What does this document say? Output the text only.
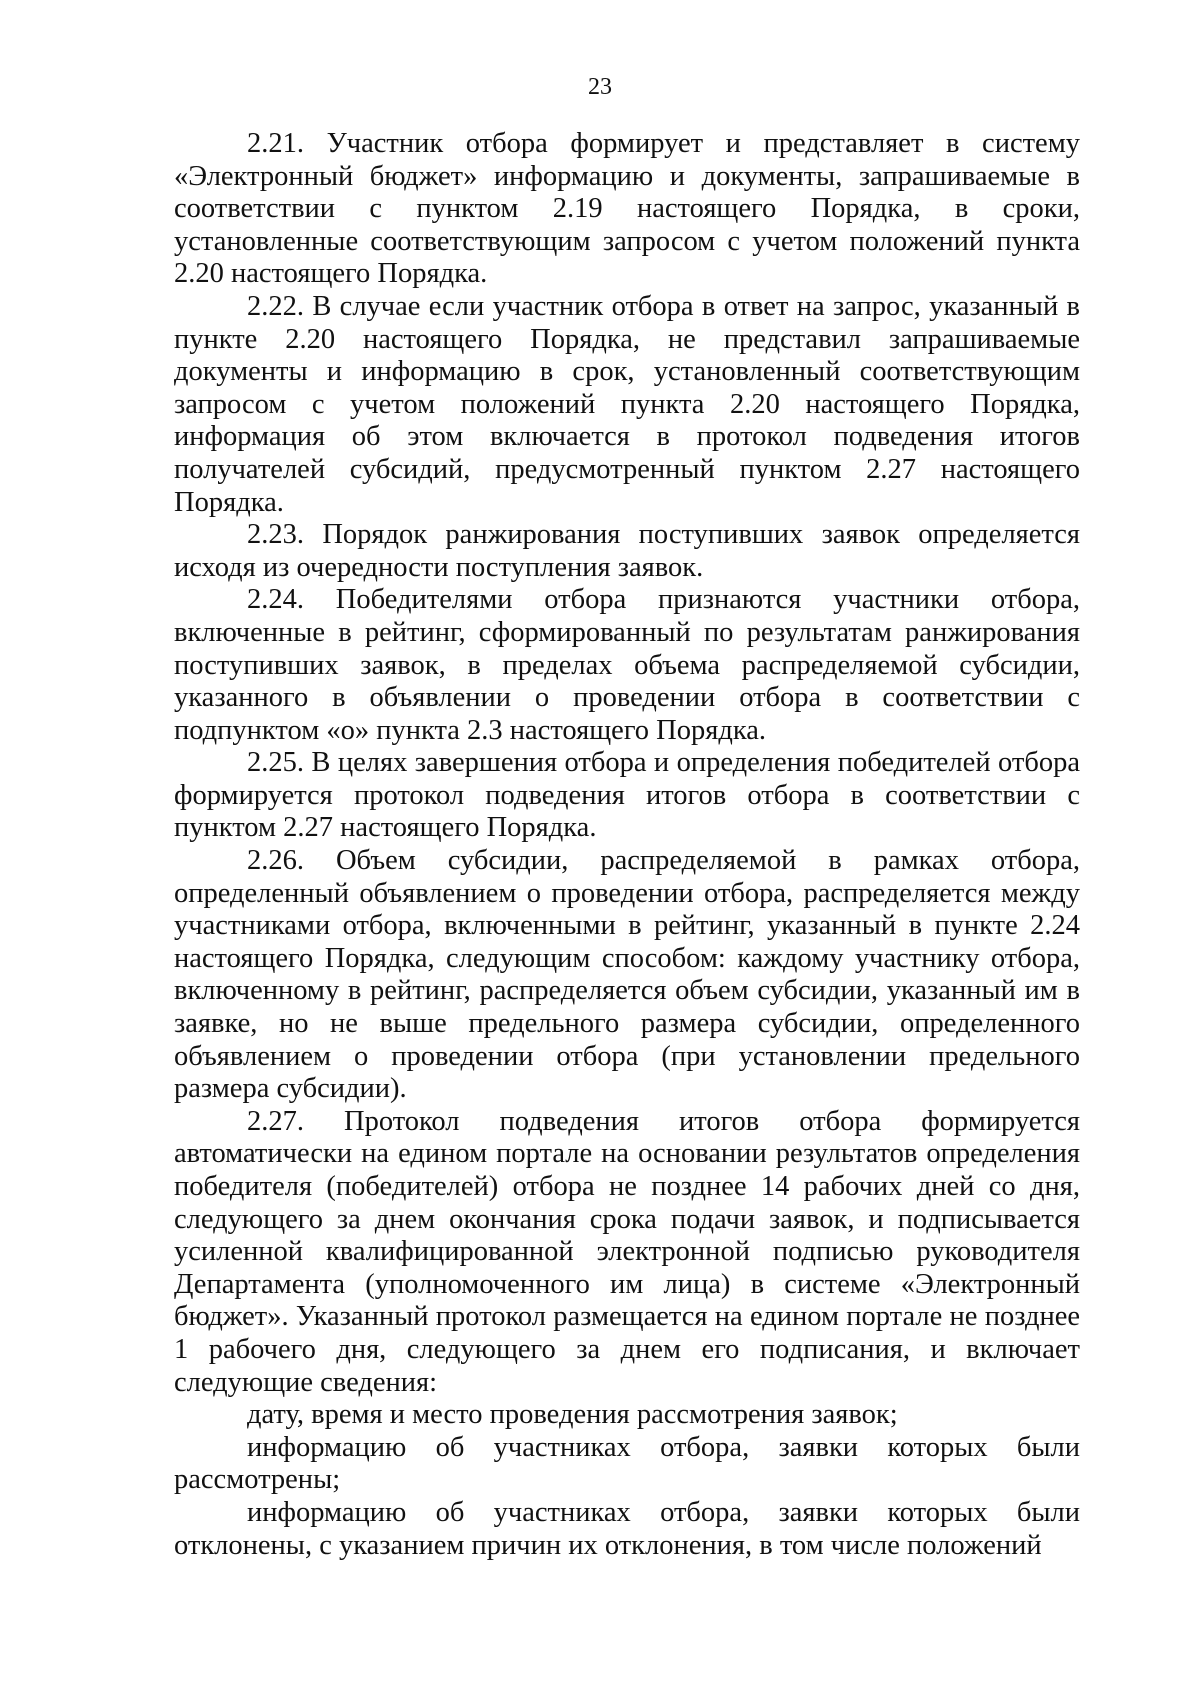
23

2.21. Участник отбора формирует и представляет в систему «Электронный бюджет» информацию и документы, запрашиваемые в соответствии с пунктом 2.19 настоящего Порядка, в сроки, установленные соответствующим запросом с учетом положений пункта 2.20 настоящего Порядка.

2.22. В случае если участник отбора в ответ на запрос, указанный в пункте 2.20 настоящего Порядка, не представил запрашиваемые документы и информацию в срок, установленный соответствующим запросом с учетом положений пункта 2.20 настоящего Порядка, информация об этом включается в протокол подведения итогов получателей субсидий, предусмотренный пунктом 2.27 настоящего Порядка.

2.23. Порядок ранжирования поступивших заявок определяется исходя из очередности поступления заявок.

2.24. Победителями отбора признаются участники отбора, включенные в рейтинг, сформированный по результатам ранжирования поступивших заявок, в пределах объема распределяемой субсидии, указанного в объявлении о проведении отбора в соответствии с подпунктом «о» пункта 2.3 настоящего Порядка.

2.25. В целях завершения отбора и определения победителей отбора формируется протокол подведения итогов отбора в соответствии с пунктом 2.27 настоящего Порядка.

2.26. Объем субсидии, распределяемой в рамках отбора, определенный объявлением о проведении отбора, распределяется между участниками отбора, включенными в рейтинг, указанный в пункте 2.24 настоящего Порядка, следующим способом: каждому участнику отбора, включенному в рейтинг, распределяется объем субсидии, указанный им в заявке, но не выше предельного размера субсидии, определенного объявлением о проведении отбора (при установлении предельного размера субсидии).

2.27. Протокол подведения итогов отбора формируется автоматически на едином портале на основании результатов определения победителя (победителей) отбора не позднее 14 рабочих дней со дня, следующего за днем окончания срока подачи заявок, и подписывается усиленной квалифицированной электронной подписью руководителя Департамента (уполномоченного им лица) в системе «Электронный бюджет». Указанный протокол размещается на едином портале не позднее 1 рабочего дня, следующего за днем его подписания, и включает следующие сведения:

дату, время и место проведения рассмотрения заявок;

информацию об участниках отбора, заявки которых были рассмотрены;

информацию об участниках отбора, заявки которых были отклонены, с указанием причин их отклонения, в том числе положений
